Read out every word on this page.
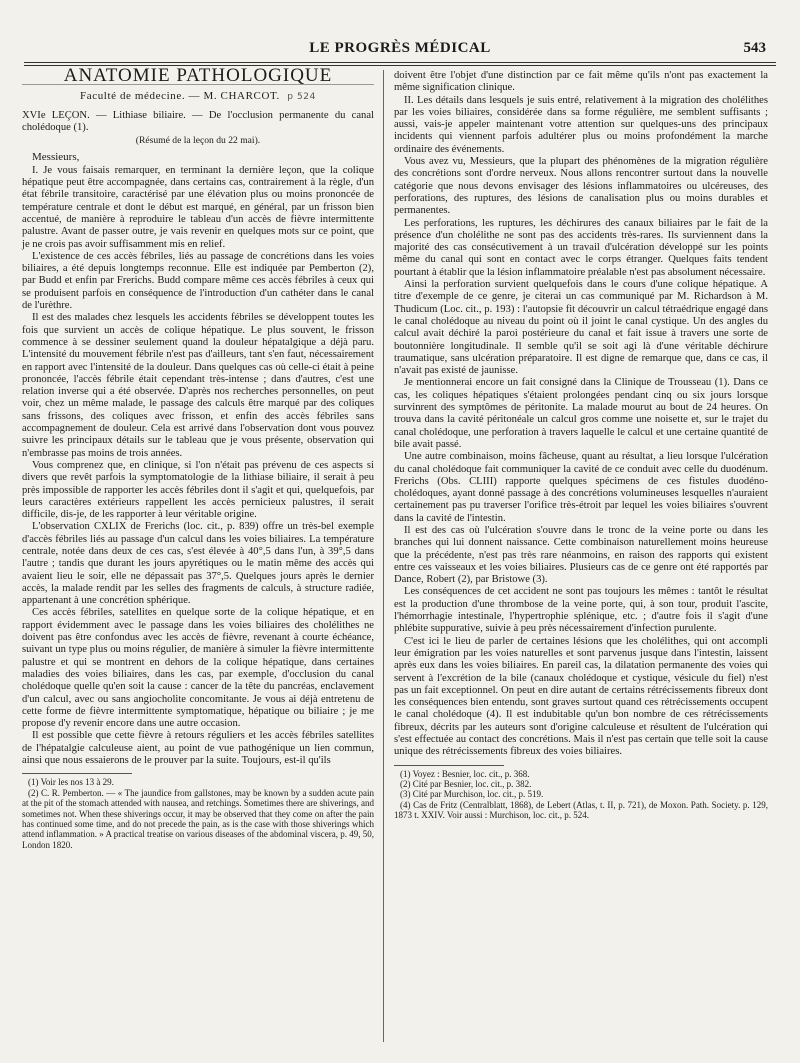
LE PROGRÈS MÉDICAL	543
ANATOMIE PATHOLOGIQUE
Faculté de médecine. — M. CHARCOT. p 524
XVIe LEÇON. — Lithiase biliaire. — De l'occlusion permanente du canal cholédoque (1).
(Résumé de la leçon du 22 mai).
Messieurs,

I. Je vous faisais remarquer, en terminant la dernière leçon, que la colique hépatique peut être accompagnée, dans certains cas, contrairement à la règle, d'un état fébrile transitoire, caractérisé par une élévation plus ou moins prononcée de température centrale et dont le début est marqué, en général, par un frisson bien accentué, de manière à reproduire le tableau d'un accès de fièvre intermittente palustre. Avant de passer outre, je vais revenir en quelques mots sur ce point, que je ne crois pas avoir suffisamment mis en relief.

L'existence de ces accès fébriles, liés au passage de concrétions dans les voies biliaires, a été depuis longtemps reconnue. Elle est indiquée par Pemberton (2), par Budd et enfin par Frerichs. Budd compare même ces accès fébriles à ceux qui se produisent parfois en conséquence de l'introduction d'un cathéter dans le canal de l'urèthre.

Il est des malades chez lesquels les accidents fébriles se développent toutes les fois que survient un accès de colique hépatique. Le plus souvent, le frisson commence à se dessiner seulement quand la douleur hépatalgique a déjà paru. L'intensité du mouvement fébrile n'est pas d'ailleurs, tant s'en faut, nécessairement en rapport avec l'intensité de la douleur. Dans quelques cas où celle-ci était à peine prononcée, l'accès fébrile était cependant très-intense ; dans d'autres, c'est une relation inverse qui a été observée. D'après nos recherches personnelles, on peut voir, chez un même malade, le passage des calculs être marqué par des coliques sans frissons, des coliques avec frisson, et enfin des accès fébriles sans accompagnement de douleur. Cela est arrivé dans l'observation dont vous pouvez suivre les principaux détails sur le tableau que je vous présente, observation qui n'embrasse pas moins de trois années.

Vous comprenez que, en clinique, si l'on n'était pas prévenu de ces aspects si divers que revêt parfois la symptomatologie de la lithiase biliaire, il serait à peu près impossible de rapporter les accès fébriles dont il s'agit et qui, quelquefois, par leurs caractères extérieurs rappellent les accès pernicieux palustres, il serait difficile, dis-je, de les rapporter à leur véritable origine.

L'observation CXLIX de Frerichs (loc. cit., p. 839) offre un très-bel exemple d'accès fébriles liés au passage d'un calcul dans les voies biliaires. La température centrale, notée dans deux de ces cas, s'est élevée à 40°,5 dans l'un, à 39°,5 dans l'autre ; tandis que durant les jours apyrétiques ou le matin même des accès qui avaient lieu le soir, elle ne dépassait pas 37°,5. Quelques jours après le dernier accès, la malade rendit par les selles des fragments de calculs, à structure radiée, appartenant à une concrétion sphérique.

Ces accès fébriles, satellites en quelque sorte de la colique hépatique, et en rapport évidemment avec le passage dans les voies biliaires des cholélithes ne doivent pas être confondus avec les accès de fièvre, revenant à courte échéance, suivant un type plus ou moins régulier, de manière à simuler la fièvre intermittente palustre et qui se montrent en dehors de la colique hépatique, dans certaines maladies des voies biliaires, dans les cas, par exemple, d'occlusion du canal cholédoque quelle qu'en soit la cause : cancer de la tête du pancréas, enclavement d'un calcul, avec ou sans angiocholite concomitante. Je vous ai déjà entretenu de cette forme de fièvre intermittente symptomatique, hépatique ou biliaire ; je me propose d'y revenir encore dans une autre occasion.

Il est possible que cette fièvre à retours réguliers et les accès fébriles satellites de l'hépatalgie calculeuse aient, au point de vue pathogénique un lien commun, ainsi que nous essaierons de le prouver par la suite. Toujours, est-il qu'ils

(1) Voir les nos 13 à 29.

(2) C. R. Pemberton. — « The jaundice from gallstones, may be known by a sudden acute pain at the pit of the stomach attended with nausea, and retchings. Sometimes there are shiverings, and sometimes not. When these shiverings occur, it may be observed that they come on after the pain has continued some time, and do not precede the pain, as is the case with those shiverings which attend inflammation. » A practical treatise on various diseases of the abdominal viscera, p. 49, 50, London 1820.

doivent être l'objet d'une distinction par ce fait même qu'ils n'ont pas exactement la même signification clinique.

II. Les détails dans lesquels je suis entré, relativement à la migration des cholélithes par les voies biliaires, considérée dans sa forme régulière, me semblent suffisants ; aussi, vais-je appeler maintenant votre attention sur quelques-uns des principaux incidents qui viennent parfois adultérer plus ou moins profondément la marche ordinaire des événements.

Vous avez vu, Messieurs, que la plupart des phénomènes de la migration régulière des concrétions sont d'ordre nerveux. Nous allons rencontrer surtout dans la nouvelle catégorie que nous devons envisager des lésions inflammatoires ou ulcéreuses, des perforations, des ruptures, des lésions de canalisation plus ou moins durables et permanentes.

Les perforations, les ruptures, les déchirures des canaux biliaires par le fait de la présence d'un cholélithe ne sont pas des accidents très-rares. Ils surviennent dans la majorité des cas consécutivement à un travail d'ulcération développé sur les points même du canal qui sont en contact avec le corps étranger. Quelques faits tendent pourtant à établir que la lésion inflammatoire préalable n'est pas absolument nécessaire.

Ainsi la perforation survient quelquefois dans le cours d'une colique hépatique. A titre d'exemple de ce genre, je citerai un cas communiqué par M. Richardson à M. Thudicum (Loc. cit., p. 193) : l'autopsie fit découvrir un calcul tétraédrique engagé dans le canal cholédoque au niveau du point où il joint le canal cystique. Un des angles du calcul avait déchiré la paroi postérieure du canal et fait issue à travers une sorte de boutonnière longitudinale. Il semble qu'il se soit agi là d'une véritable déchirure traumatique, sans ulcération préparatoire. Il est digne de remarque que, dans ce cas, il n'avait pas existé de jaunisse.

Je mentionnerai encore un fait consigné dans la Clinique de Trousseau (1). Dans ce cas, les coliques hépatiques s'étaient prolongées pendant cinq ou six jours lorsque survinrent des symptômes de péritonite. La malade mourut au bout de 24 heures. On trouva dans la cavité péritonéale un calcul gros comme une noisette et, sur le trajet du canal cholédoque, une perforation à travers laquelle le calcul et une certaine quantité de bile avait passé.

Une autre combinaison, moins fâcheuse, quant au résultat, a lieu lorsque l'ulcération du canal cholédoque fait communiquer la cavité de ce conduit avec celle du duodénum. Frerichs (Obs. CLIII) rapporte quelques spécimens de ces fistules duodéno-cholédoques, ayant donné passage à des concrétions volumineuses lesquelles n'auraient certainement pas pu traverser l'orifice très-étroit par lequel les voies biliaires s'ouvrent dans la cavité de l'intestin.

Il est des cas où l'ulcération s'ouvre dans le tronc de la veine porte ou dans les branches qui lui donnent naissance. Cette combinaison naturellement moins heureuse que la précédente, n'est pas très rare néanmoins, en raison des rapports qui existent entre ces vaisseaux et les voies biliaires. Plusieurs cas de ce genre ont été rapportés par Dance, Robert (2), par Bristowe (3).

Les conséquences de cet accident ne sont pas toujours les mêmes : tantôt le résultat est la production d'une thrombose de la veine porte, qui, à son tour, produit l'ascite, l'hémorrhagie intestinale, l'hypertrophie splénique, etc. ; d'autre fois il s'agit d'une phlébite suppurative, suivie à peu près nécessairement d'infection purulente.

C'est ici le lieu de parler de certaines lésions que les cholélithes, qui ont accompli leur émigration par les voies naturelles et sont parvenus jusque dans l'intestin, laissent après eux dans les voies biliaires. En pareil cas, la dilatation permanente des voies qui servent à l'excrétion de la bile (canaux cholédoque et cystique, vésicule du fiel) n'est pas un fait exceptionnel. On peut en dire autant de certains rétrécissements fibreux dont les conséquences bien entendu, sont graves surtout quand ces rétrécissements occupent le canal cholédoque (4). Il est indubitable qu'un bon nombre de ces rétrécissements fibreux, décrits par les auteurs sont d'origine calculeuse et résultent de l'ulcération qui s'est effectuée au contact des concrétions. Mais il n'est pas certain que telle soit la cause unique des rétrécissements fibreux des voies biliaires.

(1) Voyez : Besnier, loc. cit., p. 368.

(2) Cité par Besnier, loc. cit., p. 382.

(3) Cité par Murchison, loc. cit., p. 519.

(4) Cas de Fritz (Centralblatt, 1868), de Lebert (Atlas, t. II, p. 721), de Moxon. Path. Society. p. 129, 1873 t. XXIV. Voir aussi : Murchison, loc. cit., p. 524.
